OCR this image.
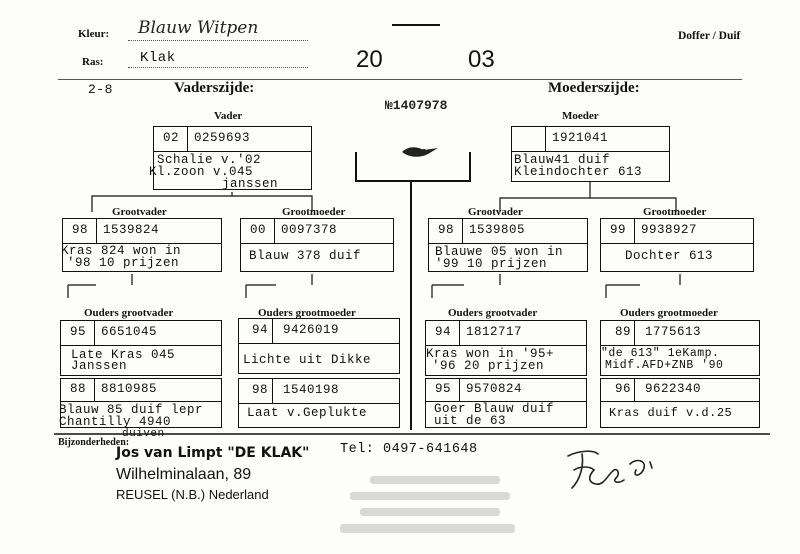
Kleur: Blauw Witpen
Ras:	Klak	20	03
Doffer / Duif
2-8	Vaderszijde:	Moederszijde:
№1407978
Vader
02 0259693
Schalie v.'02
Kl.zoon v.045
janssen
Moeder
1921041
Blauw41 duif
Kleindochter 613
Grootvader
98 1539824
Kras 824 won in
'98 10 prijzen
Grootmoeder
00 0097378
Blauw 378 duif
Grootvader
98 1539805
Blauwe 05 won in
'99 10 prijzen
Grootmoeder
99 9938927
Dochter 613
Ouders grootvader
95 6651045
Late Kras 045
Janssen
88 8810985
Blauw 85 duif lepr
Chantilly 4940
duiven
Ouders grootmoeder
94 9426019
Lichte uit Dikke
98 1540198
Laat v.Geplukte
Ouders grootvader
94 1812717
Kras won in '95+
'96 20 prijzen
95 9570824
Goer Blauw duif
uit de 63
Ouders grootmoeder
89 1775613
"de 613" 1eKamp.
Midf.AFD+ZNB '90
96 9622340
Kras duif v.d.25
Bijzonderheden:
Jos van Limpt "DE KLAK"
Wilhelminalaan, 89
REUSEL (N.B.) Nederland
Tel: 0497-641648
